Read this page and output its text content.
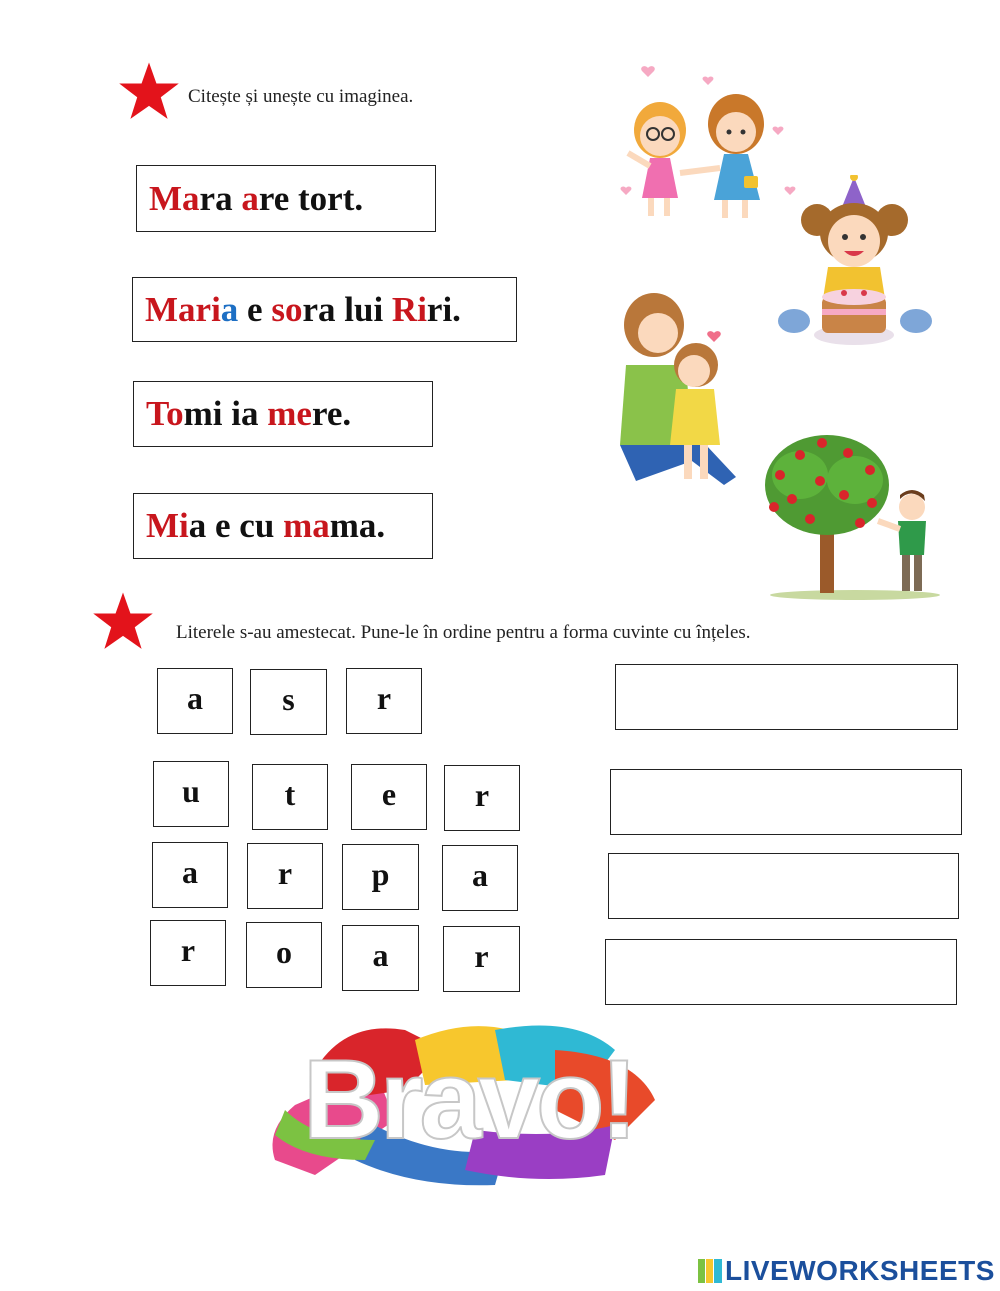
Citește și unește cu imaginea.
Ma ra a re tort.
Mari a e so ra lui Ri ri.
To mi ia me re.
Mi a e cu ma ma.
Literele s-au amestecat. Pune-le în ordine pentru a forma cuvinte cu înțeles.
a	s	r
u	t	e	r
a	r	p	a
r	o	a	r
Bravo!
LIVEWORKSHEETS
